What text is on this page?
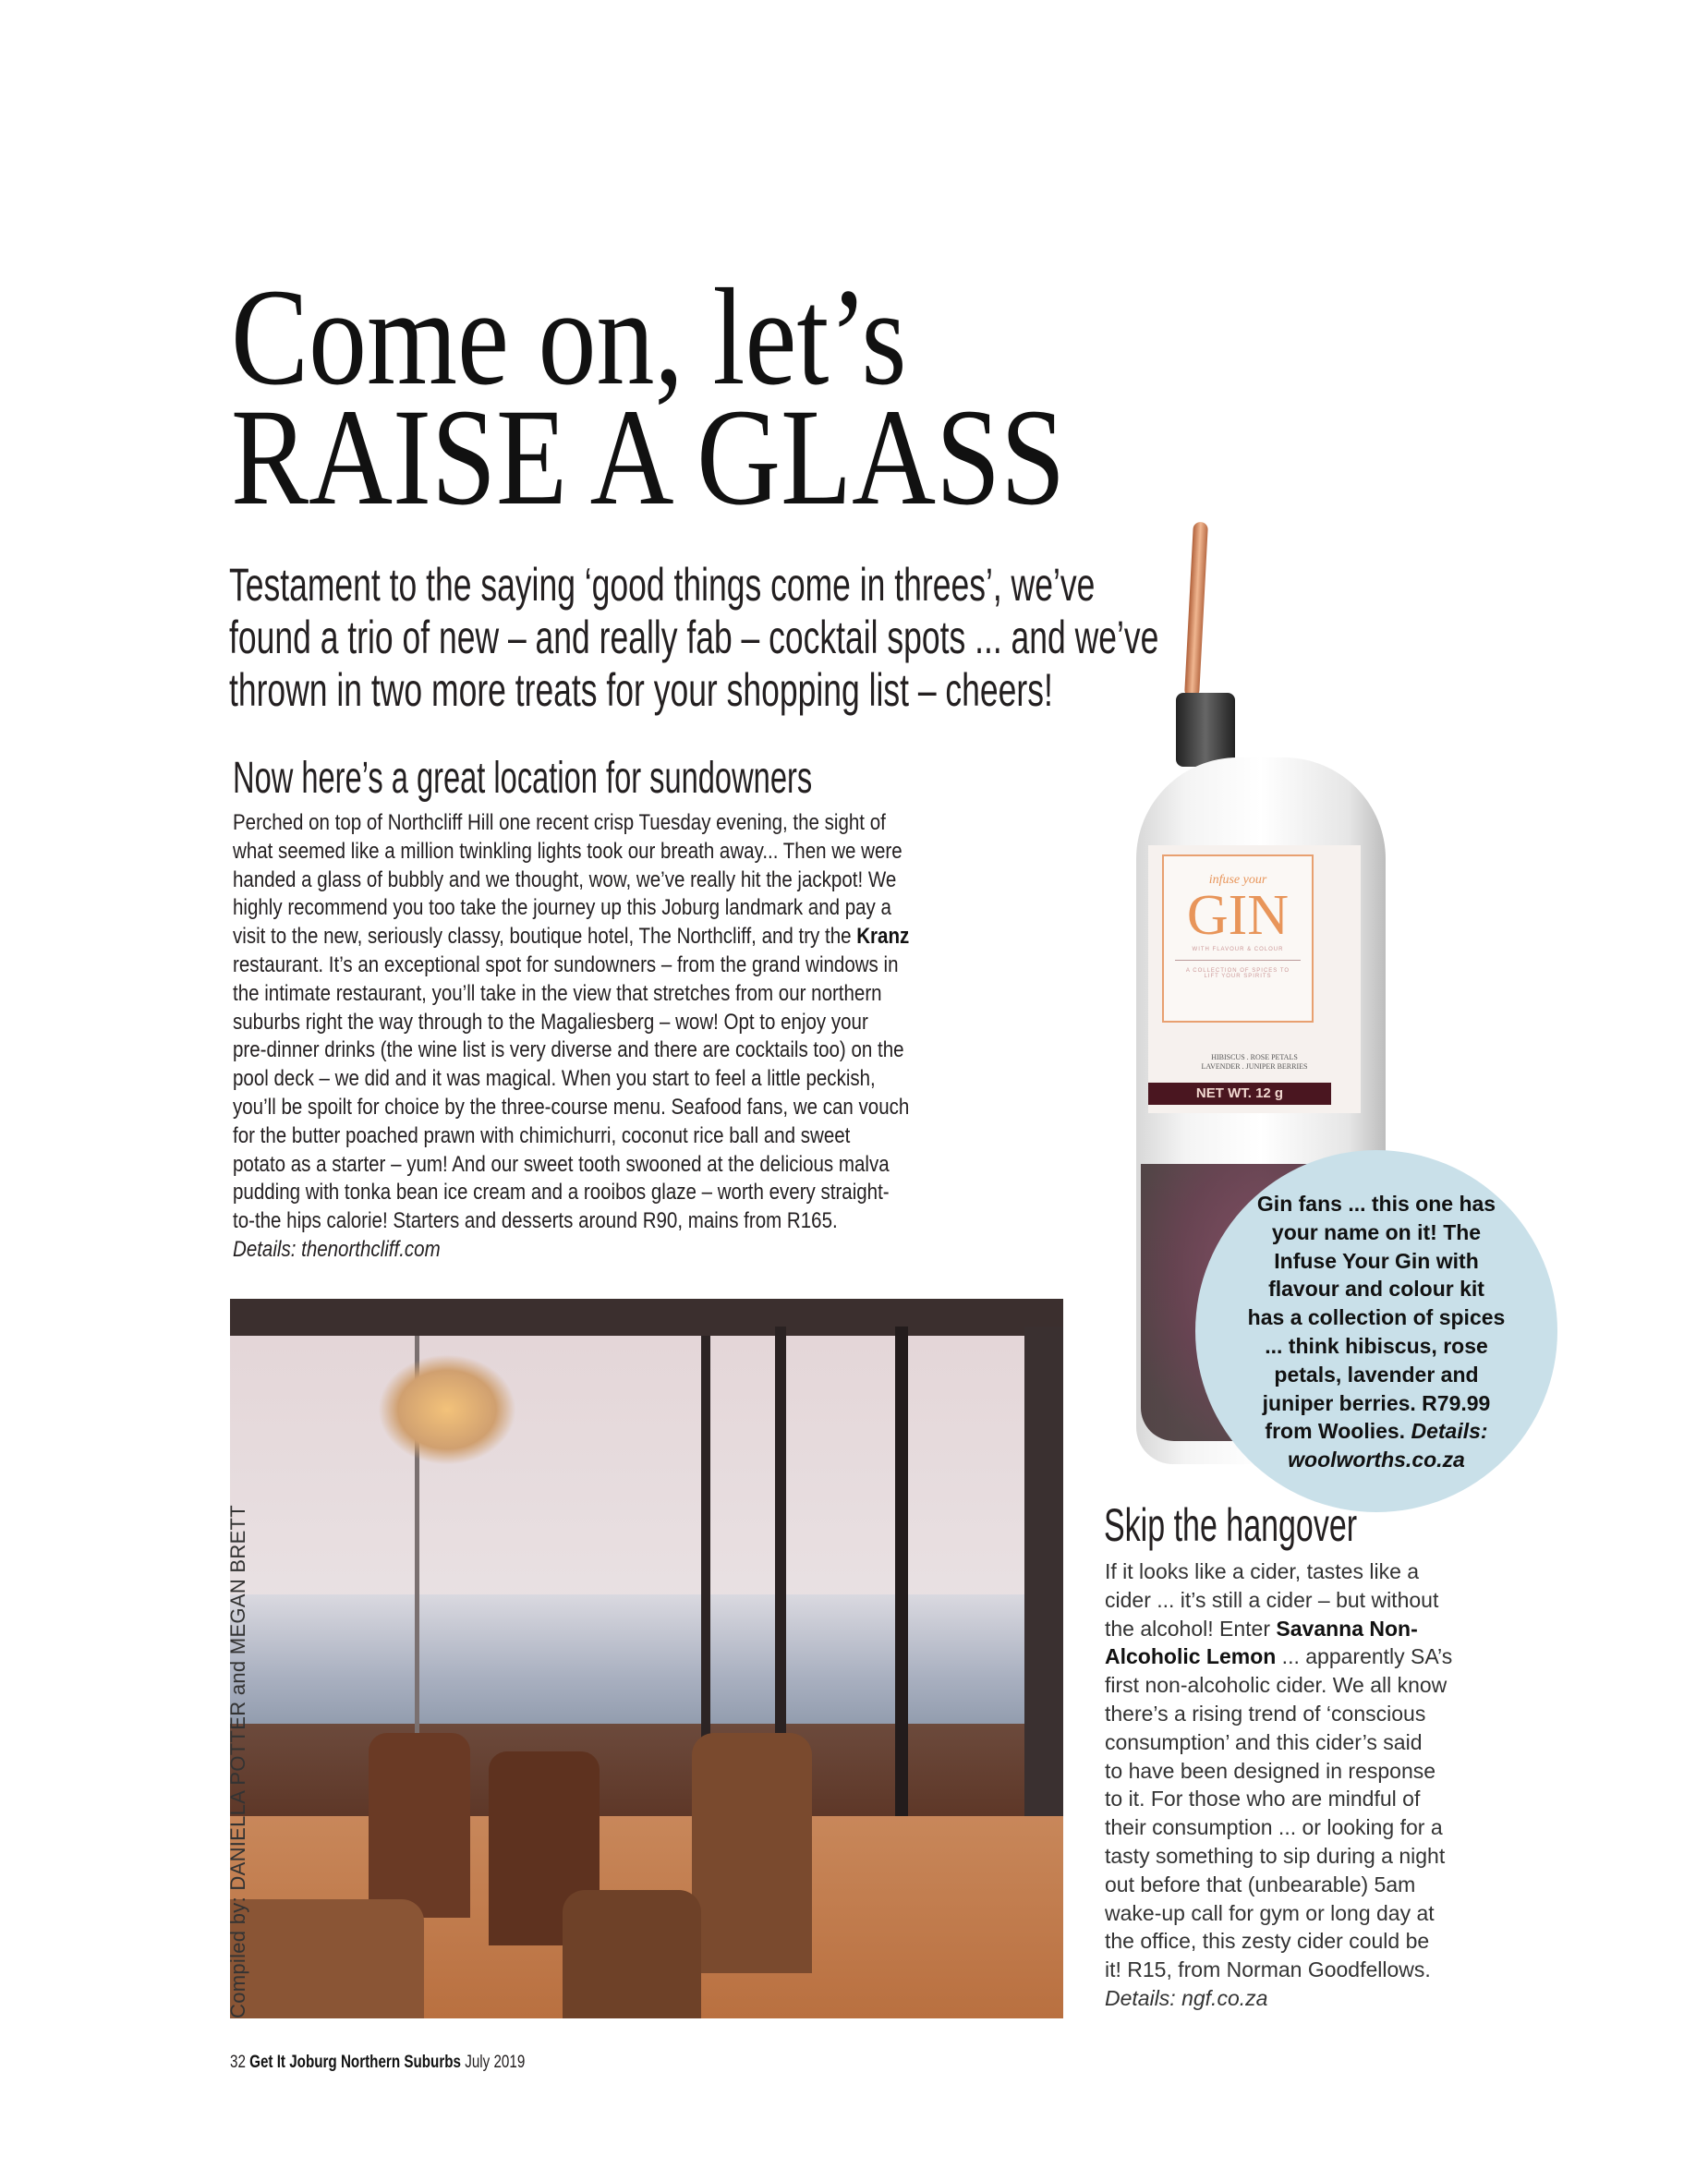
Come on, let’s
RAISE A GLASS
Testament to the saying ‘good things come in threes’, we’ve
found a trio of new – and really fab – cocktail spots ... and we’ve
thrown in two more treats for your shopping list – cheers!
Now here’s a great location for sundowners
Perched on top of Northcliff Hill one recent crisp Tuesday evening, the sight of
what seemed like a million twinkling lights took our breath away... Then we were
handed a glass of bubbly and we thought, wow, we’ve really hit the jackpot! We
highly recommend you too take the journey up this Joburg landmark and pay a
visit to the new, seriously classy, boutique hotel, The Northcliff, and try the Kranz
restaurant. It’s an exceptional spot for sundowners – from the grand windows in
the intimate restaurant, you’ll take in the view that stretches from our northern
suburbs right the way through to the Magaliesberg – wow! Opt to enjoy your
pre-dinner drinks (the wine list is very diverse and there are cocktails too) on the
pool deck – we did and it was magical. When you start to feel a little peckish,
you’ll be spoilt for choice by the three-course menu. Seafood fans, we can vouch
for the butter poached prawn with chimichurri, coconut rice ball and sweet
potato as a starter – yum! And our sweet tooth swooned at the delicious malva
pudding with tonka bean ice cream and a rooibos glaze – worth every straight-
to-the hips calorie! Starters and desserts around R90, mains from R165.
Details: thenorthcliff.com
Compiled by: DANIELLA POTTER and MEGAN BRETT
infuse your
GIN
WITH FLAVOUR & COLOUR
A COLLECTION OF SPICES TO LIFT YOUR SPIRITS
HIBISCUS . ROSE PETALS
LAVENDER . JUNIPER BERRIES
NET WT. 12 g
Gin fans ... this one has
your name on it! The
Infuse Your Gin with
flavour and colour kit
has a collection of spices
... think hibiscus, rose
petals, lavender and
juniper berries. R79.99
from Woolies. Details:
woolworths.co.za
Skip the hangover
If it looks like a cider, tastes like a
cider ... it’s still a cider – but without
the alcohol! Enter Savanna Non-
Alcoholic Lemon ... apparently SA’s
first non-alcoholic cider. We all know
there’s a rising trend of ‘conscious
consumption’ and this cider’s said
to have been designed in response
to it. For those who are mindful of
their consumption ... or looking for a
tasty something to sip during a night
out before that (unbearable) 5am
wake-up call for gym or long day at
the office, this zesty cider could be
it! R15, from Norman Goodfellows.
Details: ngf.co.za
32 Get It Joburg Northern Suburbs July 2019
